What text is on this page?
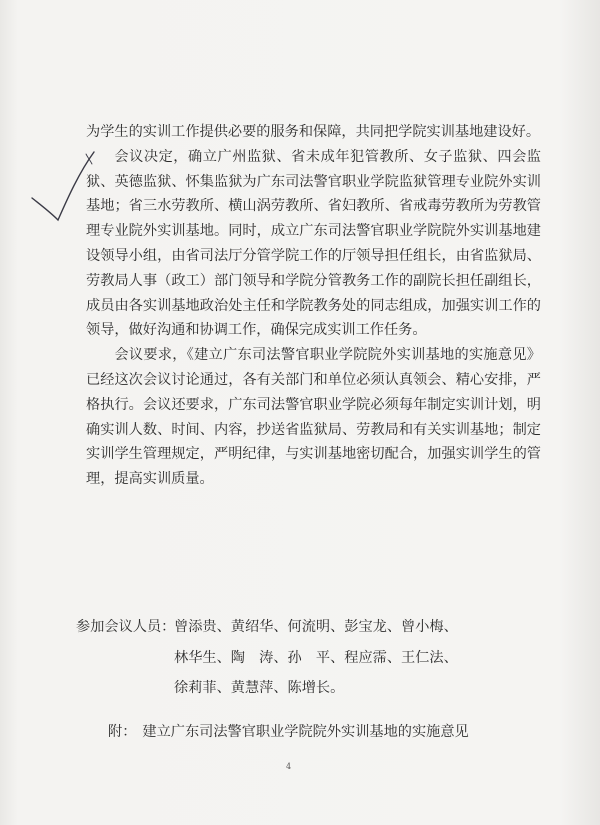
为学生的实训工作提供必要的服务和保障，共同把学院实训基地建设好。

会议决定，确立广州监狱、省未成年犯管教所、女子监狱、四会监狱、英德监狱、怀集监狱为广东司法警官职业学院监狱管理专业院外实训基地；省三水劳教所、横山涡劳教所、省妇教所、省戒毒劳教所为劳教管理专业院外实训基地。同时，成立广东司法警官职业学院院外实训基地建设领导小组，由省司法厅分管学院工作的厅领导担任组长，由省监狱局、劳教局人事（政工）部门领导和学院分管教务工作的副院长担任副组长，成员由各实训基地政治处主任和学院教务处的同志组成，加强实训工作的领导，做好沟通和协调工作，确保完成实训工作任务。

会议要求，《建立广东司法警官职业学院院外实训基地的实施意见》已经这次会议讨论通过，各有关部门和单位必须认真领会、精心安排，严格执行。会议还要求，广东司法警官职业学院必须每年制定实训计划，明确实训人数、时间、内容，抄送省监狱局、劳教局和有关实训基地；制定实训学生管理规定，严明纪律，与实训基地密切配合，加强实训学生的管理，提高实训质量。

参加会议人员：曾添贵、黄绍华、何流明、彭宝龙、曾小梅、
林华生、陶　涛、孙　平、程应霈、王仁法、
徐莉菲、黄慧萍、陈增长。
附： 建立广东司法警官职业学院院外实训基地的实施意见
4
